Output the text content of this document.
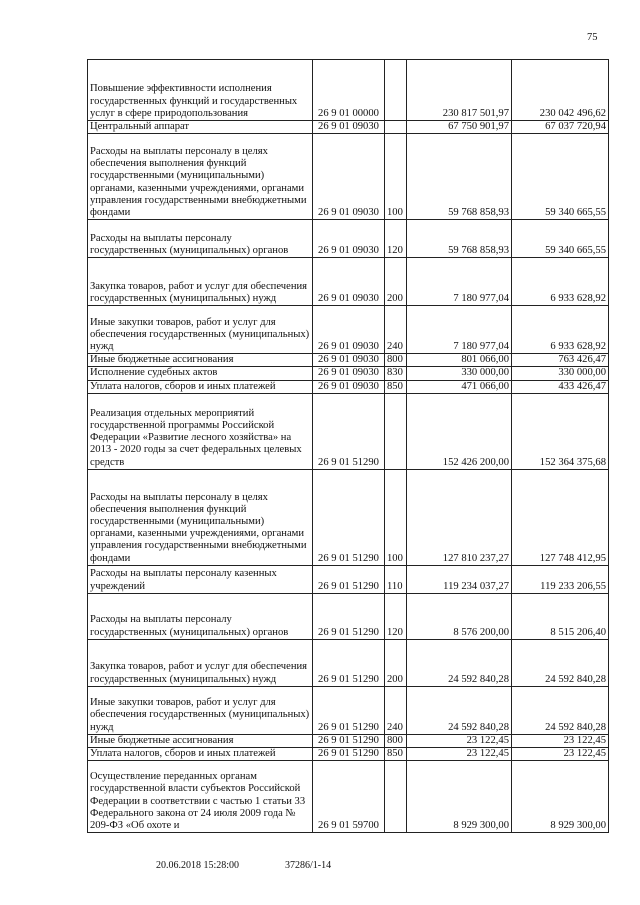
75
Повышение эффективности исполнения государственных функций и государственных услуг в сфере природопользования	26 9 01 00000		230 817 501,97	230 042 496,62
Центральный аппарат	26 9 01 09030		67 750 901,97	67 037 720,94
Расходы на выплаты персоналу в целях обеспечения выполнения функций государственными (муниципальными) органами, казенными учреждениями, органами управления государственными внебюджетными фондами	26 9 01 09030	100	59 768 858,93	59 340 665,55
Расходы на выплаты персоналу государственных (муниципальных) органов	26 9 01 09030	120	59 768 858,93	59 340 665,55
Закупка товаров, работ и услуг для обеспечения государственных (муниципальных) нужд	26 9 01 09030	200	7 180 977,04	6 933 628,92
Иные закупки товаров, работ и услуг для обеспечения государственных (муниципальных) нужд	26 9 01 09030	240	7 180 977,04	6 933 628,92
Иные бюджетные ассигнования	26 9 01 09030	800	801 066,00	763 426,47
Исполнение судебных актов	26 9 01 09030	830	330 000,00	330 000,00
Уплата налогов, сборов и иных платежей	26 9 01 09030	850	471 066,00	433 426,47
Реализация отдельных мероприятий государственной программы Российской Федерации «Развитие лесного хозяйства» на 2013 - 2020 годы за счет федеральных целевых средств	26 9 01 51290		152 426 200,00	152 364 375,68
Расходы на выплаты персоналу в целях обеспечения выполнения функций государственными (муниципальными) органами, казенными учреждениями, органами управления государственными внебюджетными фондами	26 9 01 51290	100	127 810 237,27	127 748 412,95
Расходы на выплаты персоналу казенных учреждений	26 9 01 51290	110	119 234 037,27	119 233 206,55
Расходы на выплаты персоналу государственных (муниципальных) органов	26 9 01 51290	120	8 576 200,00	8 515 206,40
Закупка товаров, работ и услуг для обеспечения государственных (муниципальных) нужд	26 9 01 51290	200	24 592 840,28	24 592 840,28
Иные закупки товаров, работ и услуг для обеспечения государственных (муниципальных) нужд	26 9 01 51290	240	24 592 840,28	24 592 840,28
Иные бюджетные ассигнования	26 9 01 51290	800	23 122,45	23 122,45
Уплата налогов, сборов и иных платежей	26 9 01 51290	850	23 122,45	23 122,45
Осуществление переданных органам государственной власти субъектов Российской Федерации в соответствии с частью 1 статьи 33 Федерального закона от 24 июля 2009 года № 209-ФЗ «Об охоте и	26 9 01 59700		8 929 300,00	8 929 300,00
20.06.2018 15:28:00	37286/1-14
